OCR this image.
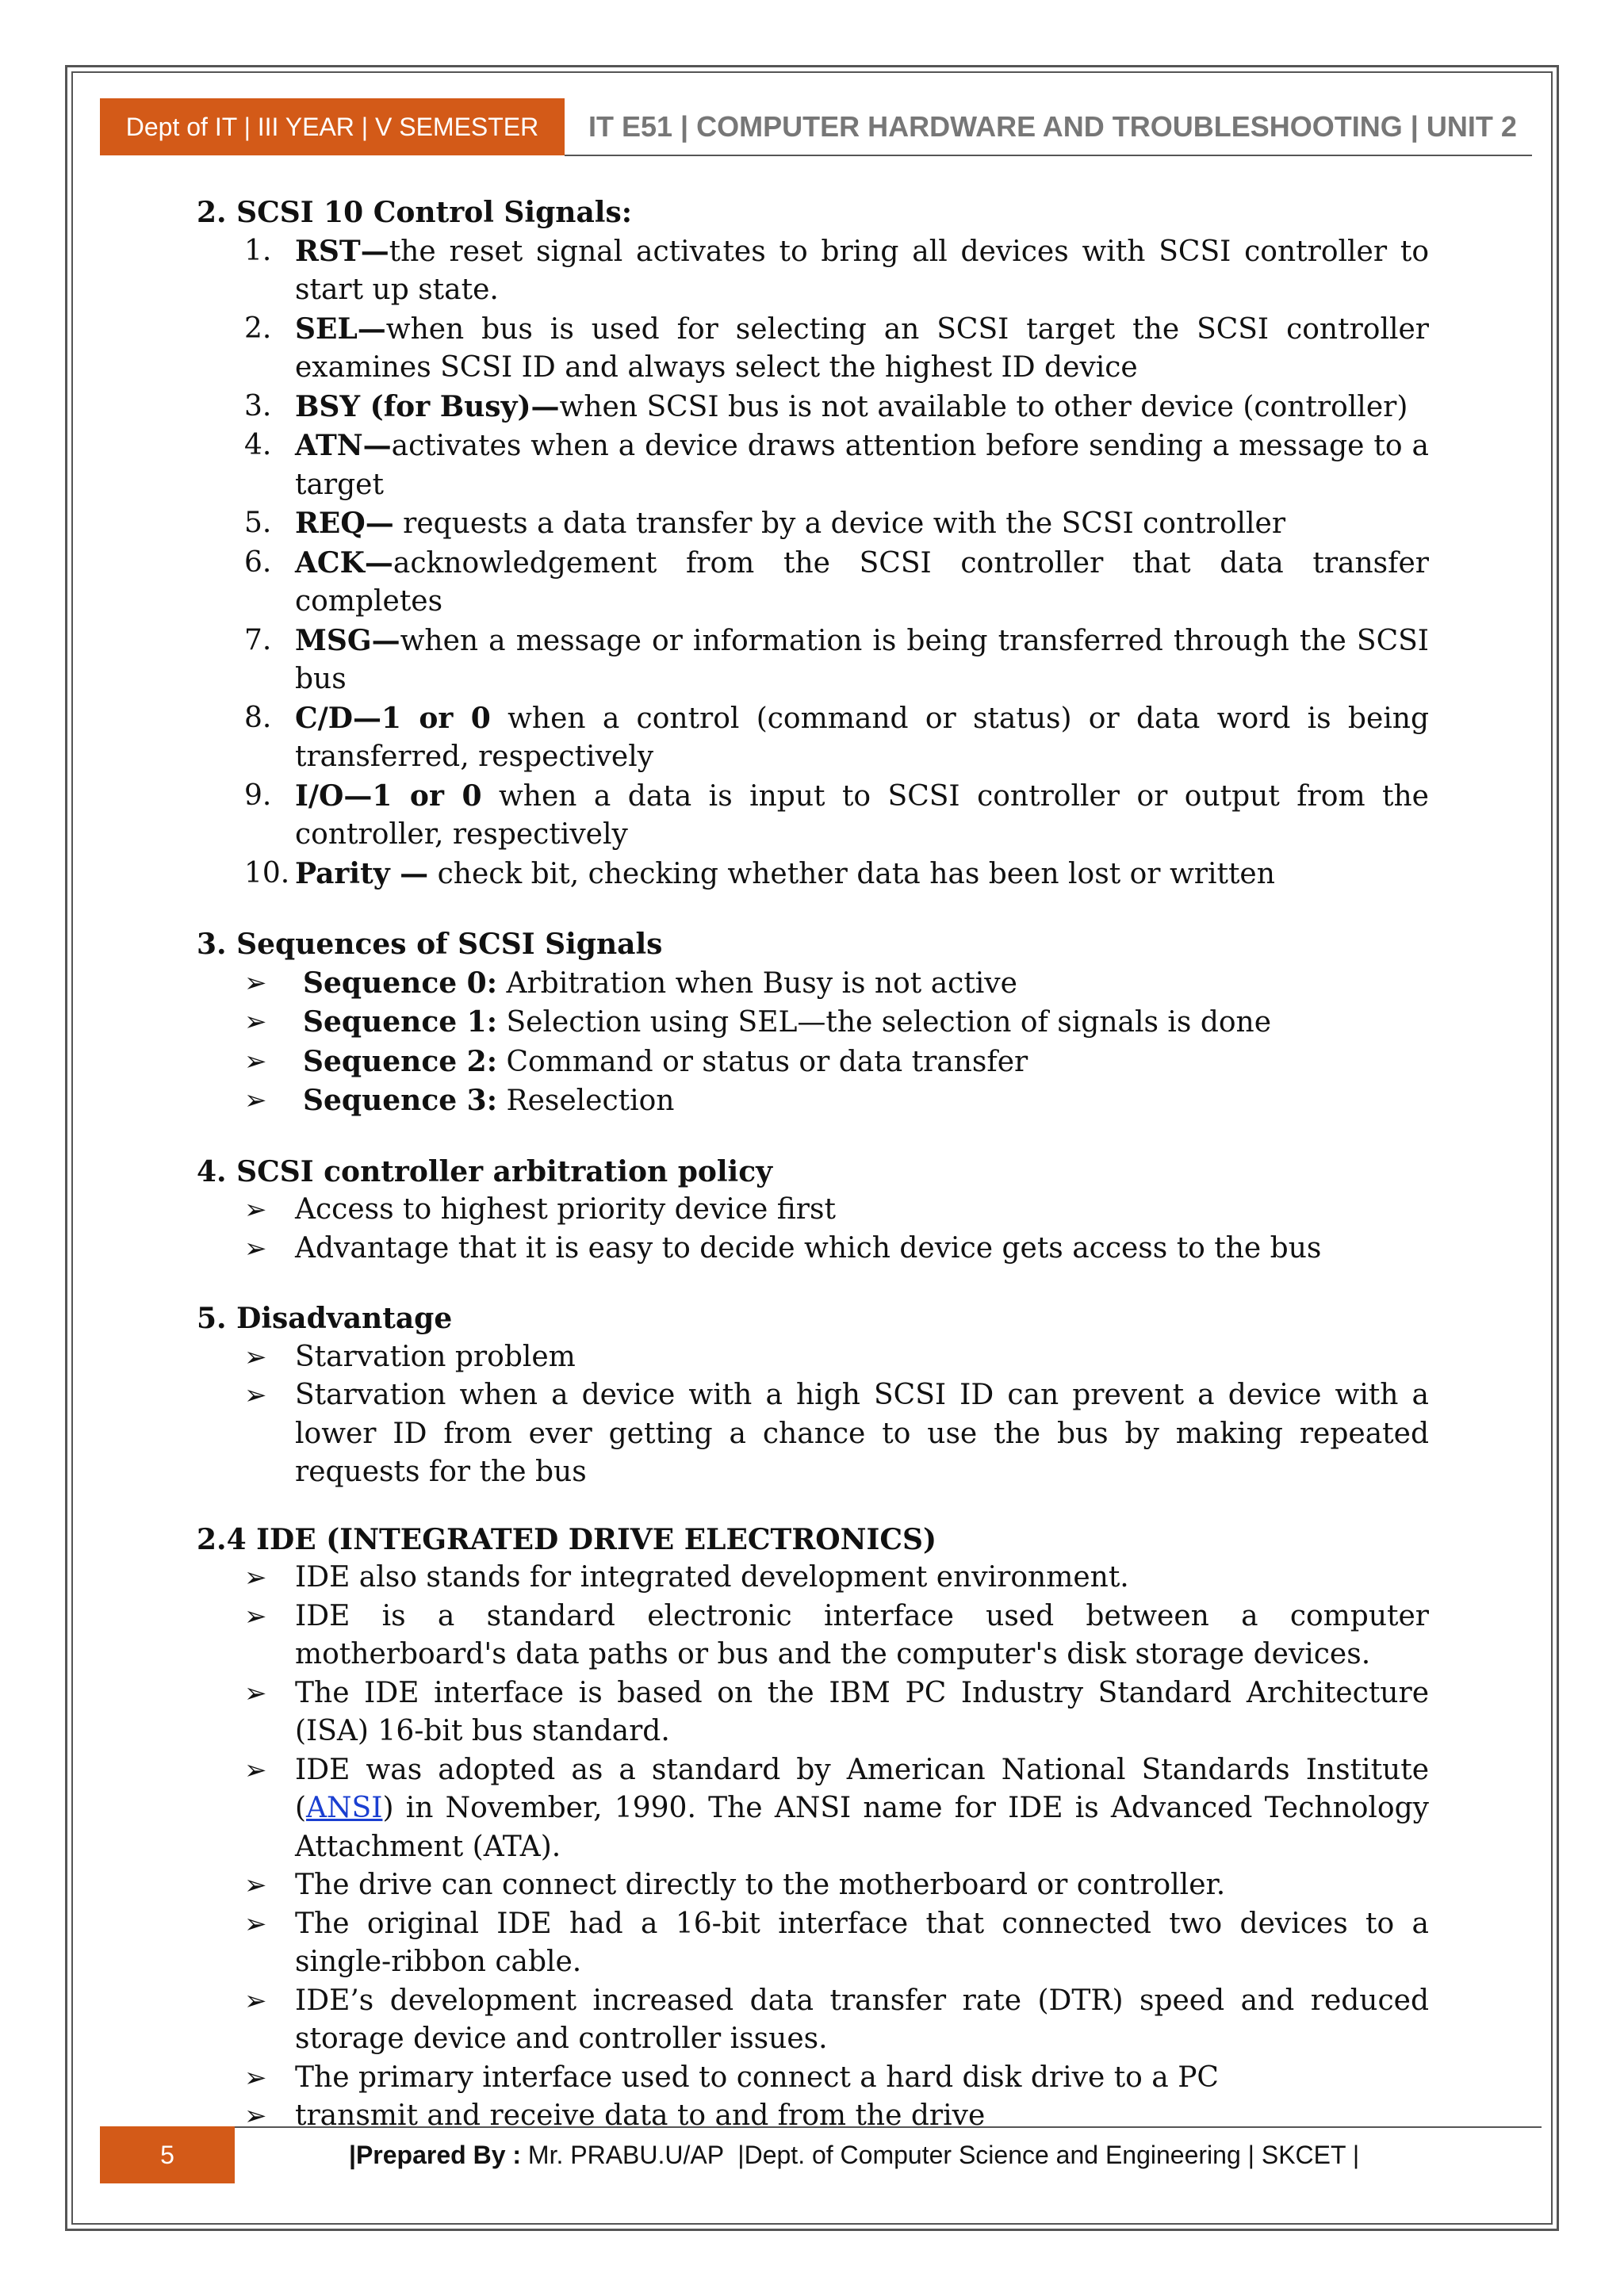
Dept of IT | III YEAR | V SEMESTER	IT E51 | COMPUTER HARDWARE AND TROUBLESHOOTING | UNIT 2
2. SCSI 10 Control Signals:
1. RST—the reset signal activates to bring all devices with SCSI controller to start up state.
2. SEL—when bus is used for selecting an SCSI target the SCSI controller examines SCSI ID and always select the highest ID device
3. BSY (for Busy)—when SCSI bus is not available to other device (controller)
4. ATN—activates when a device draws attention before sending a message to a target
5. REQ— requests a data transfer by a device with the SCSI controller
6. ACK—acknowledgement from the SCSI controller that data transfer completes
7. MSG—when a message or information is being transferred through the SCSI bus
8. C/D—1 or 0 when a control (command or status) or data word is being transferred, respectively
9. I/O—1 or 0 when a data is input to SCSI controller or output from the controller, respectively
10. Parity — check bit, checking whether data has been lost or written
3. Sequences of SCSI Signals
➢ Sequence 0: Arbitration when Busy is not active
➢ Sequence 1: Selection using SEL—the selection of signals is done
➢ Sequence 2: Command or status or data transfer
➢ Sequence 3: Reselection
4. SCSI controller arbitration policy
➢ Access to highest priority device first
➢ Advantage that it is easy to decide which device gets access to the bus
5. Disadvantage
➢ Starvation problem
➢ Starvation when a device with a high SCSI ID can prevent a device with a lower ID from ever getting a chance to use the bus by making repeated requests for the bus
2.4 IDE (INTEGRATED DRIVE ELECTRONICS)
➢ IDE also stands for integrated development environment.
➢ IDE is a standard electronic interface used between a computer motherboard's data paths or bus and the computer's disk storage devices.
➢ The IDE interface is based on the IBM PC Industry Standard Architecture (ISA) 16-bit bus standard.
➢ IDE was adopted as a standard by American National Standards Institute (ANSI) in November, 1990. The ANSI name for IDE is Advanced Technology Attachment (ATA).
➢ The drive can connect directly to the motherboard or controller.
➢ The original IDE had a 16-bit interface that connected two devices to a single-ribbon cable.
➢ IDE’s development increased data transfer rate (DTR) speed and reduced storage device and controller issues.
➢ The primary interface used to connect a hard disk drive to a PC
➢ transmit and receive data to and from the drive
5	|Prepared By : Mr. PRABU.U/AP  |Dept. of Computer Science and Engineering | SKCET |
